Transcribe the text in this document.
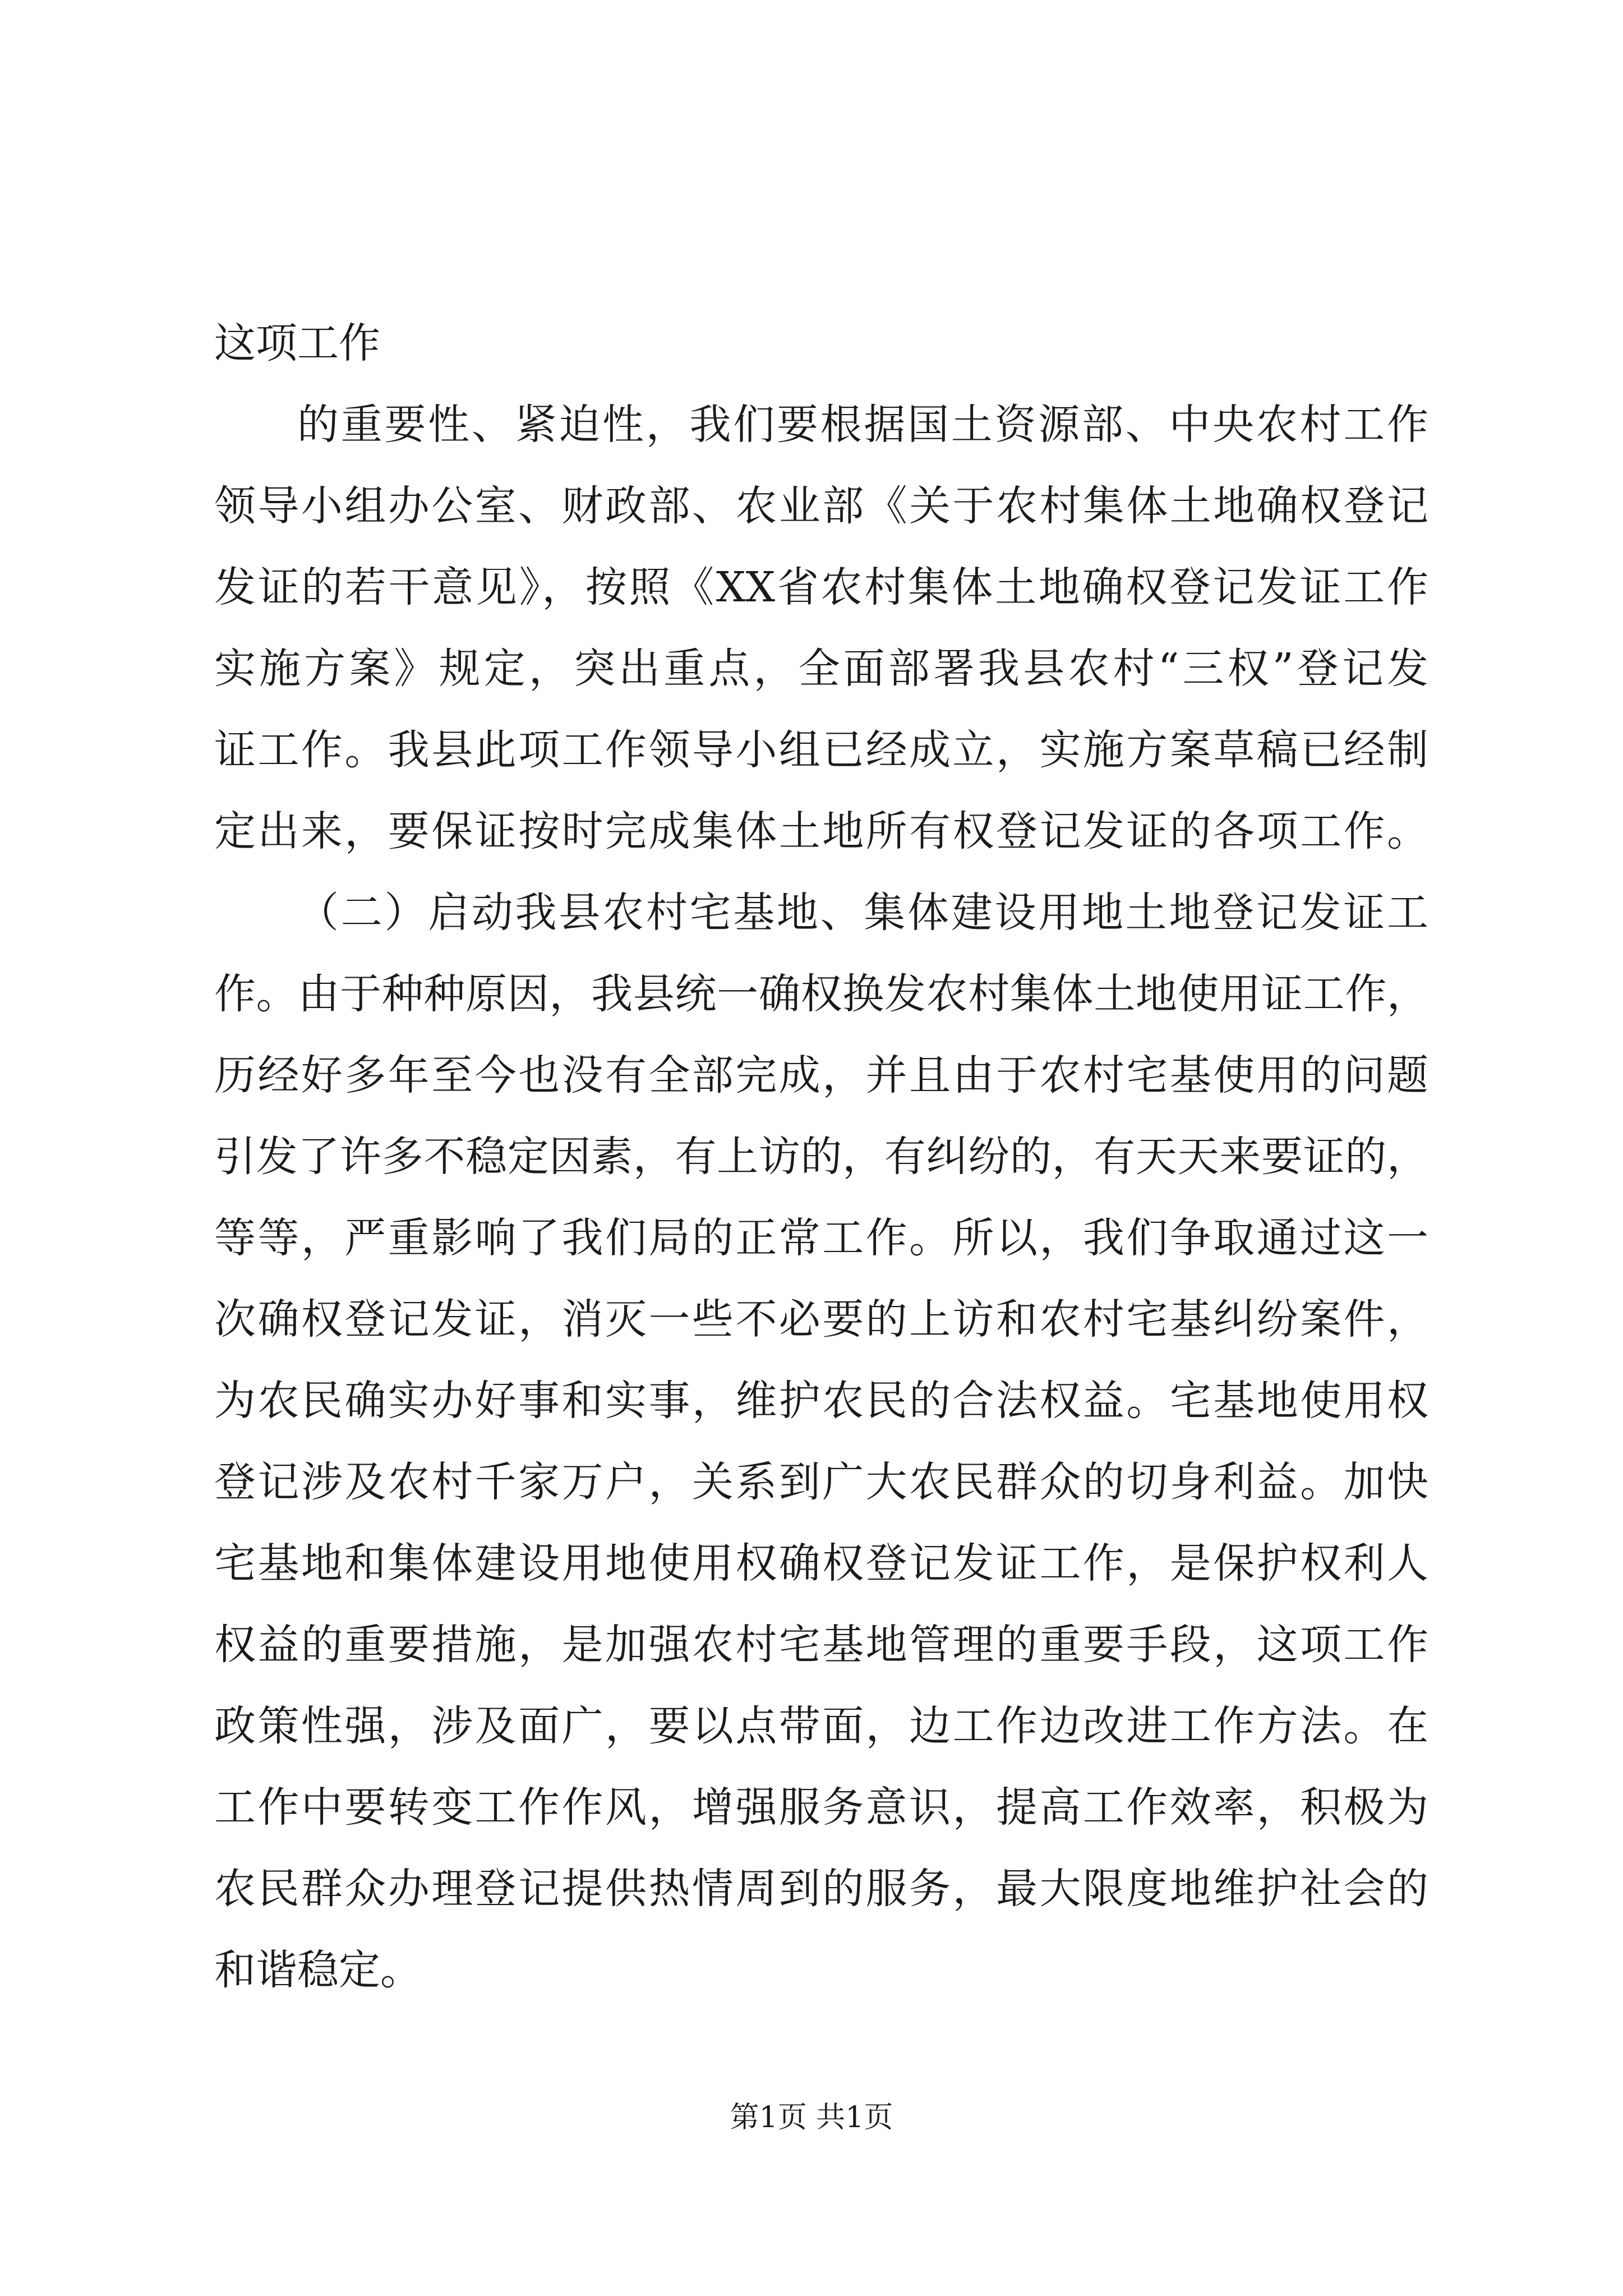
这项工作
的重要性、紧迫性，我们要根据国土资源部、中央农村工作
领导小组办公室、财政部、农业部《关于农村集体土地确权登记
发证的若干意见》，按照《XX省农村集体土地确权登记发证工作
实施方案》规定，突出重点，全面部署我县农村“三权”登记发
证工作。我县此项工作领导小组已经成立，实施方案草稿已经制
定出来，要保证按时完成集体土地所有权登记发证的各项工作。
（二）启动我县农村宅基地、集体建设用地土地登记发证工
作。由于种种原因，我县统一确权换发农村集体土地使用证工作，
历经好多年至今也没有全部完成，并且由于农村宅基使用的问题
引发了许多不稳定因素，有上访的，有纠纷的，有天天来要证的，
等等，严重影响了我们局的正常工作。所以，我们争取通过这一
次确权登记发证，消灭一些不必要的上访和农村宅基纠纷案件，
为农民确实办好事和实事，维护农民的合法权益。宅基地使用权
登记涉及农村千家万户，关系到广大农民群众的切身利益。加快
宅基地和集体建设用地使用权确权登记发证工作，是保护权利人
权益的重要措施，是加强农村宅基地管理的重要手段，这项工作
政策性强，涉及面广，要以点带面，边工作边改进工作方法。在
工作中要转变工作作风，增强服务意识，提高工作效率，积极为
农民群众办理登记提供热情周到的服务，最大限度地维护社会的
和谐稳定。
第1页 共1页
